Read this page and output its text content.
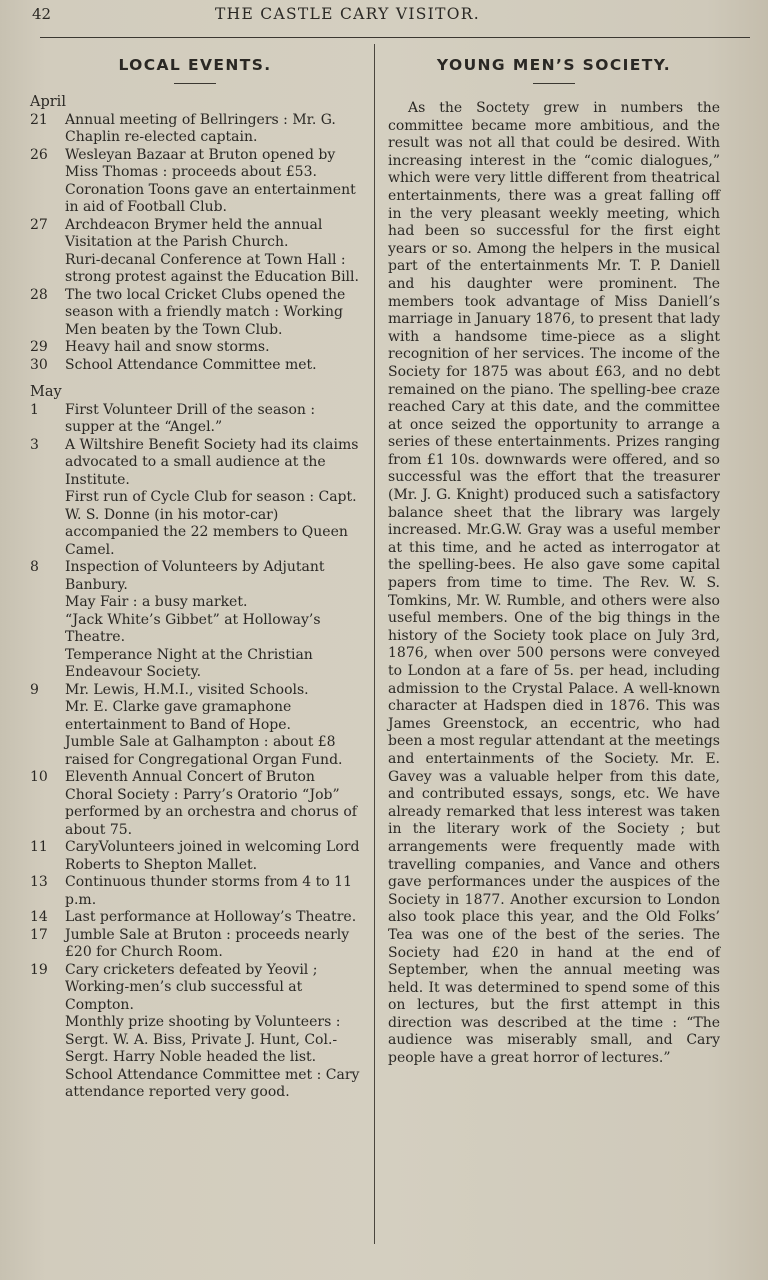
42	THE CASTLE CARY VISITOR.
LOCAL EVENTS.
April
21	Annual meeting of Bellringers : Mr. G. Chaplin re-elected captain.
26	Wesleyan Bazaar at Bruton opened by Miss Thomas : proceeds about £53.
Coronation Toons gave an entertainment in aid of Football Club.
27	Archdeacon Brymer held the annual Visitation at the Parish Church.
Ruri-decanal Conference at Town Hall : strong protest against the Education Bill.
28	The two local Cricket Clubs opened the season with a friendly match : Working Men beaten by the Town Club.
29	Heavy hail and snow storms.
30	School Attendance Committee met.
May
1	First Volunteer Drill of the season : supper at the “Angel.”
3	A Wiltshire Benefit Society had its claims advocated to a small audience at the Institute.
First run of Cycle Club for season : Capt. W. S. Donne (in his motor-car) accompanied the 22 members to Queen Camel.
8	Inspection of Volunteers by Adjutant Banbury.
May Fair : a busy market.
“Jack White’s Gibbet” at Holloway’s Theatre.
Temperance Night at the Christian Endeavour Society.
9	Mr. Lewis, H.M.I., visited Schools.
Mr. E. Clarke gave gramaphone entertainment to Band of Hope.
Jumble Sale at Galhampton : about £8 raised for Congregational Organ Fund.
10	Eleventh Annual Concert of Bruton Choral Society : Parry’s Oratorio “Job” performed by an orchestra and chorus of about 75.
11	CaryVolunteers joined in welcoming Lord Roberts to Shepton Mallet.
13	Continuous thunder storms from 4 to 11 p.m.
14	Last performance at Holloway’s Theatre.
17	Jumble Sale at Bruton : proceeds nearly £20 for Church Room.
19	Cary cricketers defeated by Yeovil ; Working-men’s club successful at Compton.
Monthly prize shooting by Volunteers : Sergt. W. A. Biss, Private J. Hunt, Col.-Sergt. Harry Noble headed the list.
School Attendance Committee met : Cary attendance reported very good.
YOUNG MEN’S SOCIETY.

As the Soctety grew in numbers the committee became more ambitious, and the result was not all that could be desired. With increasing interest in the “comic dialogues,” which were very little different from theatrical entertainments, there was a great falling off in the very pleasant weekly meeting, which had been so successful for the first eight years or so. Among the helpers in the musical part of the entertainments Mr. T. P. Daniell and his daughter were prominent. The members took advantage of Miss Daniell’s marriage in January 1876, to present that lady with a handsome time-piece as a slight recognition of her services. The income of the Society for 1875 was about £63, and no debt remained on the piano. The spelling-bee craze reached Cary at this date, and the committee at once seized the opportunity to arrange a series of these entertainments. Prizes ranging from £1 10s. downwards were offered, and so successful was the effort that the treasurer (Mr. J. G. Knight) produced such a satisfactory balance sheet that the library was largely increased. Mr.G.W. Gray was a useful member at this time, and he acted as interrogator at the spelling-bees. He also gave some capital papers from time to time. The Rev. W. S. Tomkins, Mr. W. Rumble, and others were also useful members. One of the big things in the history of the Society took place on July 3rd, 1876, when over 500 persons were conveyed to London at a fare of 5s. per head, including admission to the Crystal Palace. A well-known character at Hadspen died in 1876. This was James Greenstock, an eccentric, who had been a most regular attendant at the meetings and entertainments of the Society. Mr. E. Gavey was a valuable helper from this date, and contributed essays, songs, etc. We have already remarked that less interest was taken in the literary work of the Society ; but arrangements were frequently made with travelling companies, and Vance and others gave performances under the auspices of the Society in 1877. Another excursion to London also took place this year, and the Old Folks’ Tea was one of the best of the series. The Society had £20 in hand at the end of September, when the annual meeting was held. It was determined to spend some of this on lectures, but the first attempt in this direction was described at the time : “The audience was miserably small, and Cary people have a great horror of lectures.”
